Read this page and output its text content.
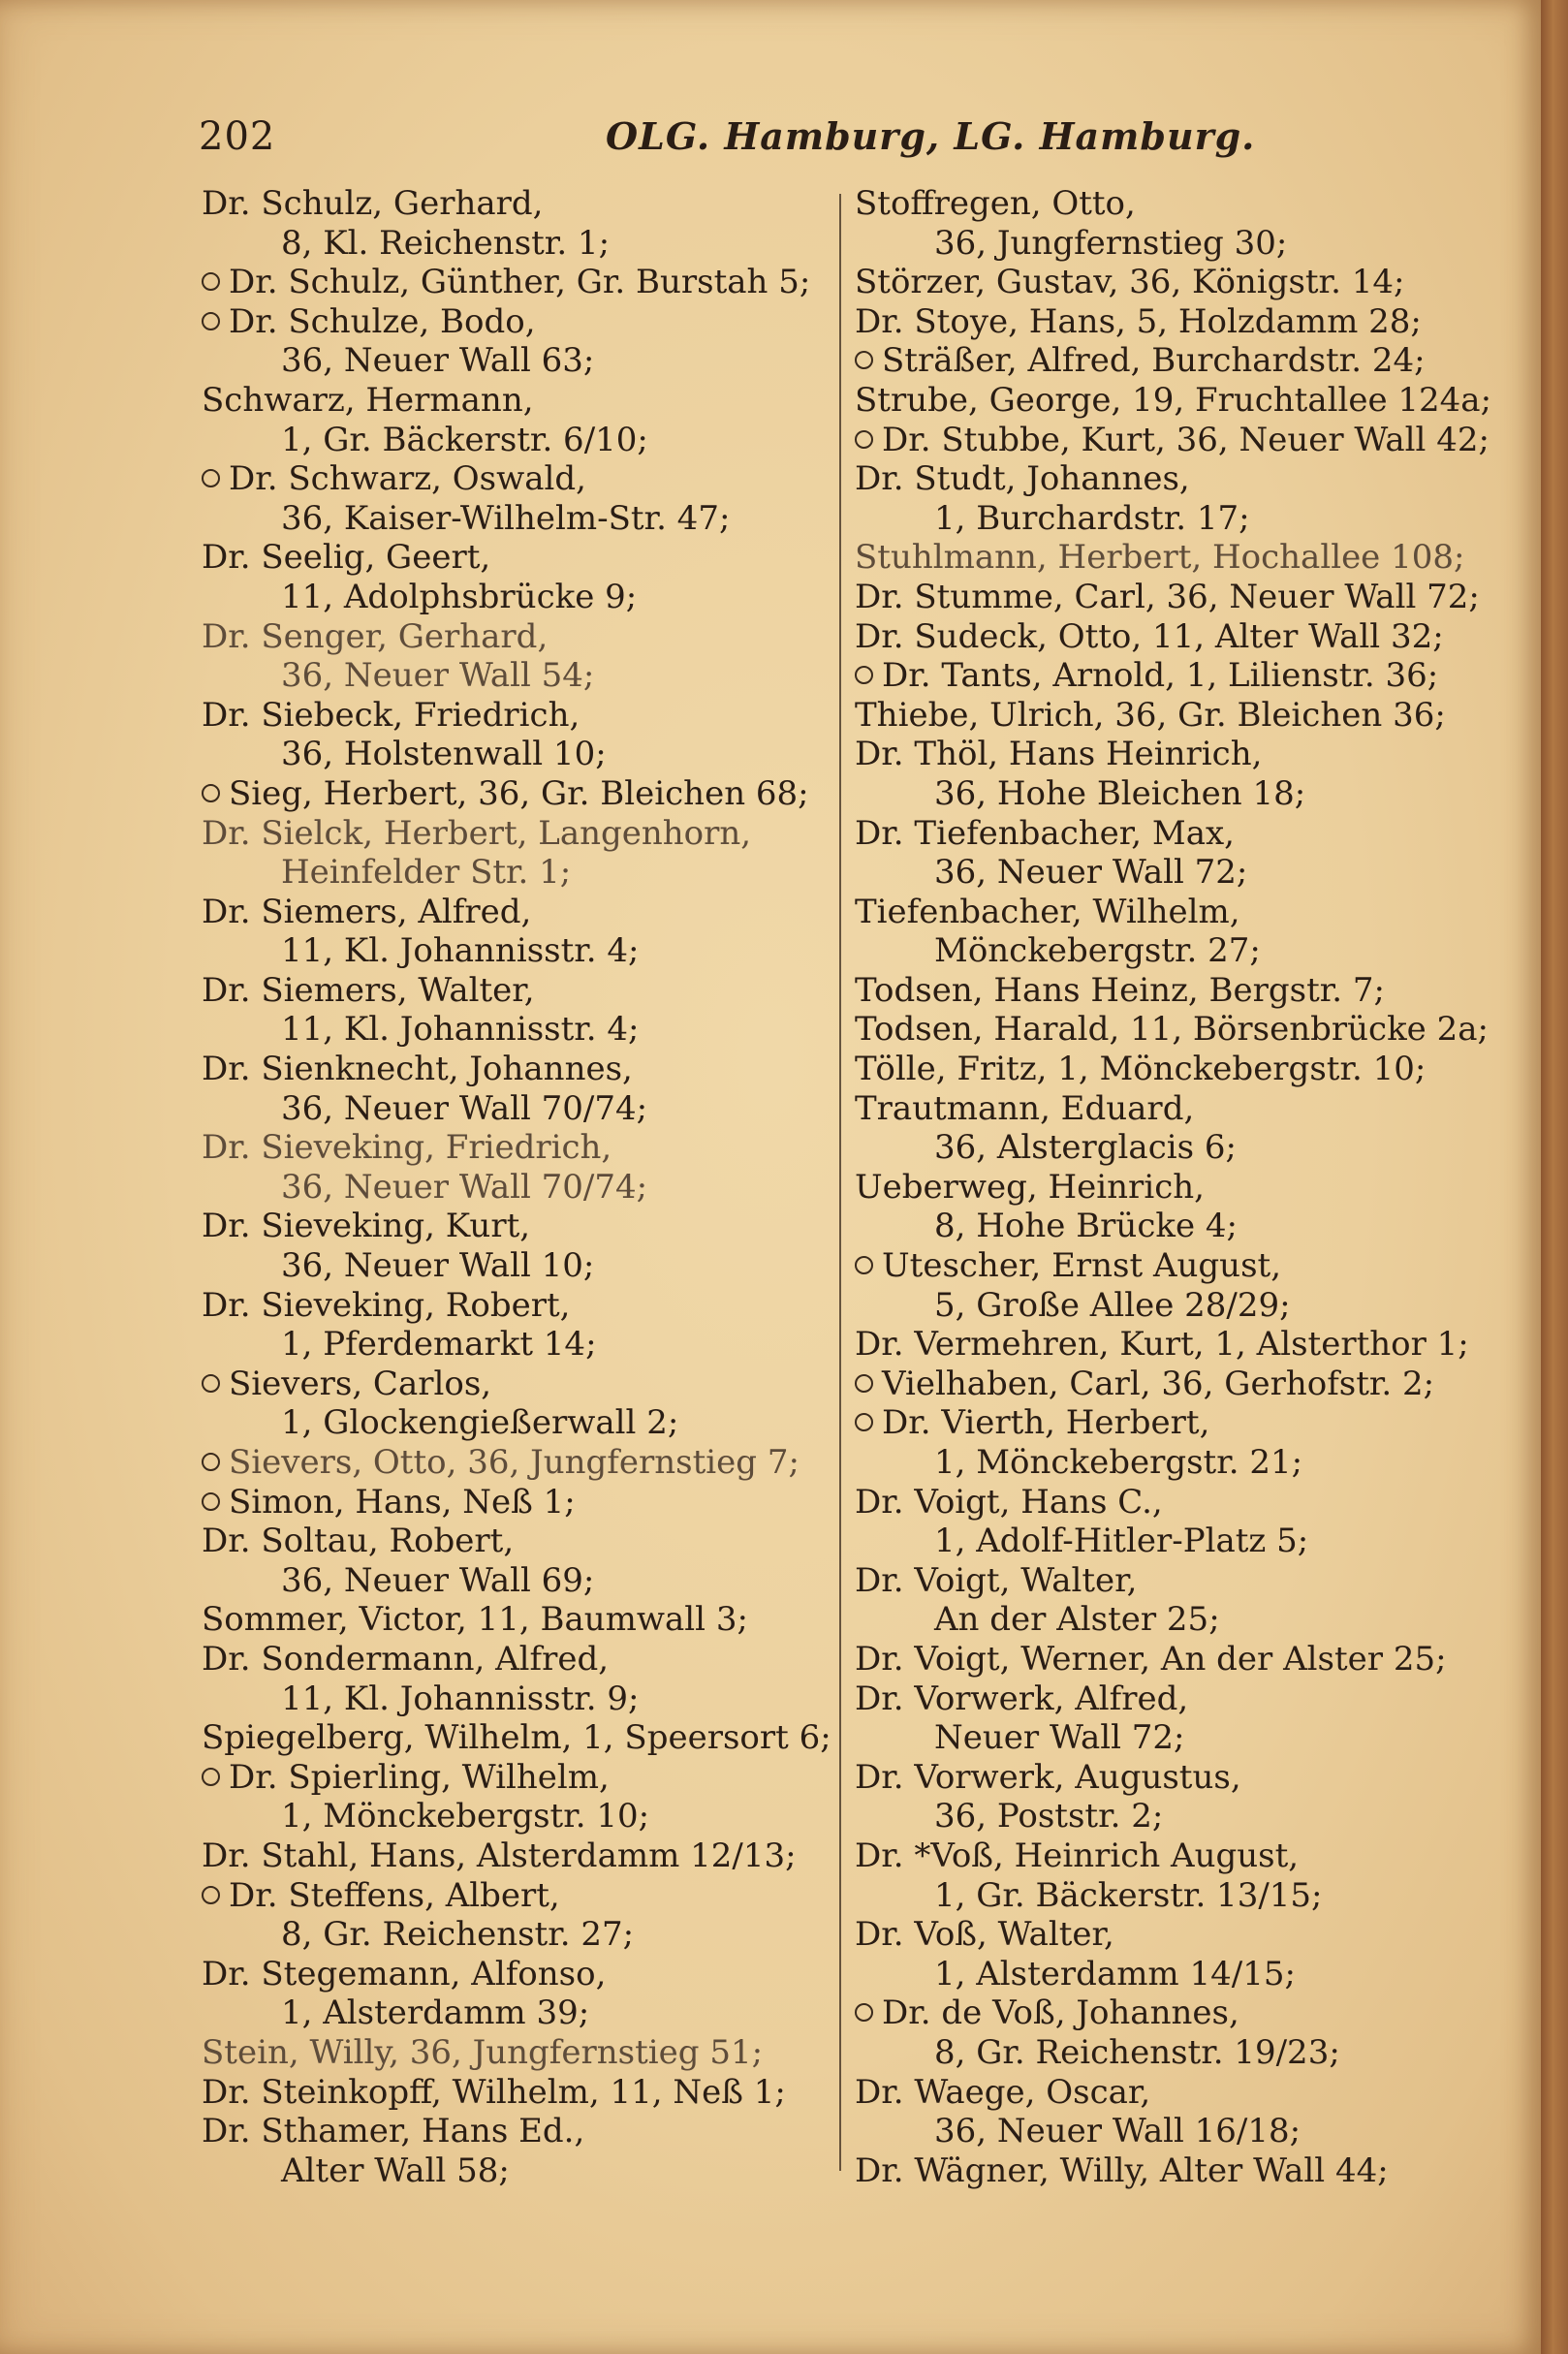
202	OLG. Hamburg, LG. Hamburg.
Dr. Schulz, Gerhard,
8, Kl. Reichenstr. 1;
Dr. Schulz, Günther, Gr. Burstah 5;
Dr. Schulze, Bodo,
36, Neuer Wall 63;
Schwarz, Hermann,
1, Gr. Bäckerstr. 6/10;
Dr. Schwarz, Oswald,
36, Kaiser-Wilhelm-Str. 47;
Dr. Seelig, Geert,
11, Adolphsbrücke 9;
Dr. Senger, Gerhard,
36, Neuer Wall 54;
Dr. Siebeck, Friedrich,
36, Holstenwall 10;
Sieg, Herbert, 36, Gr. Bleichen 68;
Dr. Sielck, Herbert, Langenhorn,
Heinfelder Str. 1;
Dr. Siemers, Alfred,
11, Kl. Johannisstr. 4;
Dr. Siemers, Walter,
11, Kl. Johannisstr. 4;
Dr. Sienknecht, Johannes,
36, Neuer Wall 70/74;
Dr. Sieveking, Friedrich,
36, Neuer Wall 70/74;
Dr. Sieveking, Kurt,
36, Neuer Wall 10;
Dr. Sieveking, Robert,
1, Pferdemarkt 14;
Sievers, Carlos,
1, Glockengießerwall 2;
Sievers, Otto, 36, Jungfernstieg 7;
Simon, Hans, Neß 1;
Dr. Soltau, Robert,
36, Neuer Wall 69;
Sommer, Victor, 11, Baumwall 3;
Dr. Sondermann, Alfred,
11, Kl. Johannisstr. 9;
Spiegelberg, Wilhelm, 1, Speersort 6;
Dr. Spierling, Wilhelm,
1, Mönckebergstr. 10;
Dr. Stahl, Hans, Alsterdamm 12/13;
Dr. Steffens, Albert,
8, Gr. Reichenstr. 27;
Dr. Stegemann, Alfonso,
1, Alsterdamm 39;
Stein, Willy, 36, Jungfernstieg 51;
Dr. Steinkopff, Wilhelm, 11, Neß 1;
Dr. Sthamer, Hans Ed.,
Alter Wall 58;
Stoffregen, Otto,
36, Jungfernstieg 30;
Störzer, Gustav, 36, Königstr. 14;
Dr. Stoye, Hans, 5, Holzdamm 28;
Sträßer, Alfred, Burchardstr. 24;
Strube, George, 19, Fruchtallee 124a;
Dr. Stubbe, Kurt, 36, Neuer Wall 42;
Dr. Studt, Johannes,
1, Burchardstr. 17;
Stuhlmann, Herbert, Hochallee 108;
Dr. Stumme, Carl, 36, Neuer Wall 72;
Dr. Sudeck, Otto, 11, Alter Wall 32;
Dr. Tants, Arnold, 1, Lilienstr. 36;
Thiebe, Ulrich, 36, Gr. Bleichen 36;
Dr. Thöl, Hans Heinrich,
36, Hohe Bleichen 18;
Dr. Tiefenbacher, Max,
36, Neuer Wall 72;
Tiefenbacher, Wilhelm,
Mönckebergstr. 27;
Todsen, Hans Heinz, Bergstr. 7;
Todsen, Harald, 11, Börsenbrücke 2a;
Tölle, Fritz, 1, Mönckebergstr. 10;
Trautmann, Eduard,
36, Alsterglacis 6;
Ueberweg, Heinrich,
8, Hohe Brücke 4;
Utescher, Ernst August,
5, Große Allee 28/29;
Dr. Vermehren, Kurt, 1, Alsterthor 1;
Vielhaben, Carl, 36, Gerhofstr. 2;
Dr. Vierth, Herbert,
1, Mönckebergstr. 21;
Dr. Voigt, Hans C.,
1, Adolf-Hitler-Platz 5;
Dr. Voigt, Walter,
An der Alster 25;
Dr. Voigt, Werner, An der Alster 25;
Dr. Vorwerk, Alfred,
Neuer Wall 72;
Dr. Vorwerk, Augustus,
36, Poststr. 2;
Dr. *Voß, Heinrich August,
1, Gr. Bäckerstr. 13/15;
Dr. Voß, Walter,
1, Alsterdamm 14/15;
Dr. de Voß, Johannes,
8, Gr. Reichenstr. 19/23;
Dr. Waege, Oscar,
36, Neuer Wall 16/18;
Dr. Wägner, Willy, Alter Wall 44;
